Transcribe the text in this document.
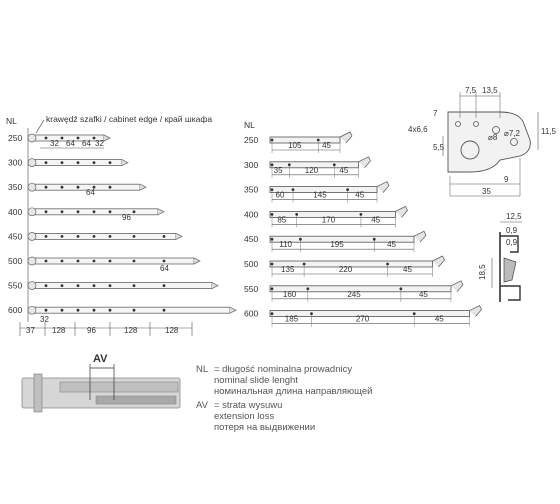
NL	krawędź szafki / cabinet edge / край шкафа
250
300
350
400
450
500
550
600
32 64 64 32
64
96
64
37 128	96	128	128
32
NL
250
105	45
300
35	120	45
350
60	145	45
400
85	170	45
450
110	195	45
500
135	220	45
550
160	245	45
600
185	270	45
7,5 13,5
7
4x6,6
5,5
11,5
35
9
⌀8 ⌀7,2
12,5
0,9
0,9
18,5
AV
NL = długość nominalna prowadnicy
nominal slide lenght
номинальная длина направляющей
AV = strata wysuwu
extension loss
потеря на выдвижении
